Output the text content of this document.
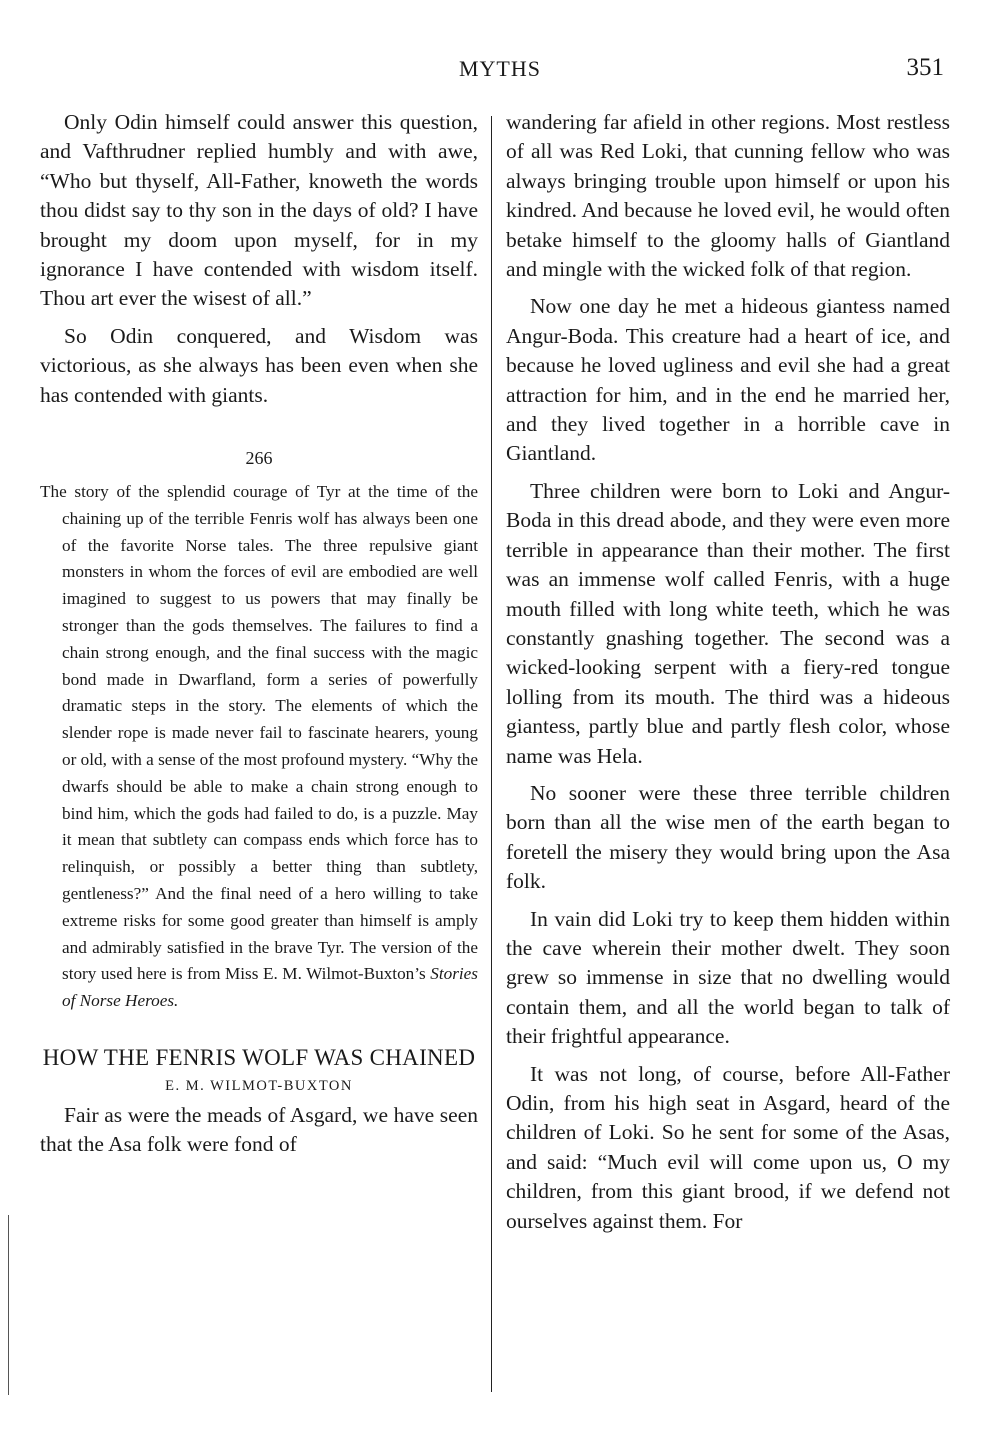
MYTHS	351

Only Odin himself could answer this question, and Vafthrudner replied humbly and with awe, “Who but thyself, All-Father, knoweth the words thou didst say to thy son in the days of old? I have brought my doom upon myself, for in my ignorance I have contended with wisdom itself. Thou art ever the wisest of all.”

So Odin conquered, and Wisdom was victorious, as she always has been even when she has contended with giants.

266

The story of the splendid courage of Tyr at the time of the chaining up of the terrible Fenris wolf has always been one of the favorite Norse tales. The three repulsive giant monsters in whom the forces of evil are embodied are well imagined to suggest to us powers that may finally be stronger than the gods themselves. The failures to find a chain strong enough, and the final success with the magic bond made in Dwarfland, form a series of powerfully dramatic steps in the story. The elements of which the slender rope is made never fail to fascinate hearers, young or old, with a sense of the most profound mystery. “Why the dwarfs should be able to make a chain strong enough to bind him, which the gods had failed to do, is a puzzle. May it mean that subtlety can compass ends which force has to relinquish, or possibly a better thing than subtlety, gentleness?” And the final need of a hero willing to take extreme risks for some good greater than himself is amply and admirably satisfied in the brave Tyr. The version of the story used here is from Miss E. M. Wilmot-Buxton’s Stories of Norse Heroes.

HOW THE FENRIS WOLF WAS CHAINED
E. M. WILMOT-BUXTON

Fair as were the meads of Asgard, we have seen that the Asa folk were fond of

wandering far afield in other regions. Most restless of all was Red Loki, that cunning fellow who was always bringing trouble upon himself or upon his kindred. And because he loved evil, he would often betake himself to the gloomy halls of Giantland and mingle with the wicked folk of that region.

Now one day he met a hideous giantess named Angur-Boda. This creature had a heart of ice, and because he loved ugliness and evil she had a great attraction for him, and in the end he married her, and they lived together in a horrible cave in Giantland.

Three children were born to Loki and Angur-Boda in this dread abode, and they were even more terrible in appearance than their mother. The first was an immense wolf called Fenris, with a huge mouth filled with long white teeth, which he was constantly gnashing together. The second was a wicked-looking serpent with a fiery-red tongue lolling from its mouth. The third was a hideous giantess, partly blue and partly flesh color, whose name was Hela.

No sooner were these three terrible children born than all the wise men of the earth began to foretell the misery they would bring upon the Asa folk.

In vain did Loki try to keep them hidden within the cave wherein their mother dwelt. They soon grew so immense in size that no dwelling would contain them, and all the world began to talk of their frightful appearance.

It was not long, of course, before All-Father Odin, from his high seat in Asgard, heard of the children of Loki. So he sent for some of the Asas, and said: “Much evil will come upon us, O my children, from this giant brood, if we defend not ourselves against them. For
